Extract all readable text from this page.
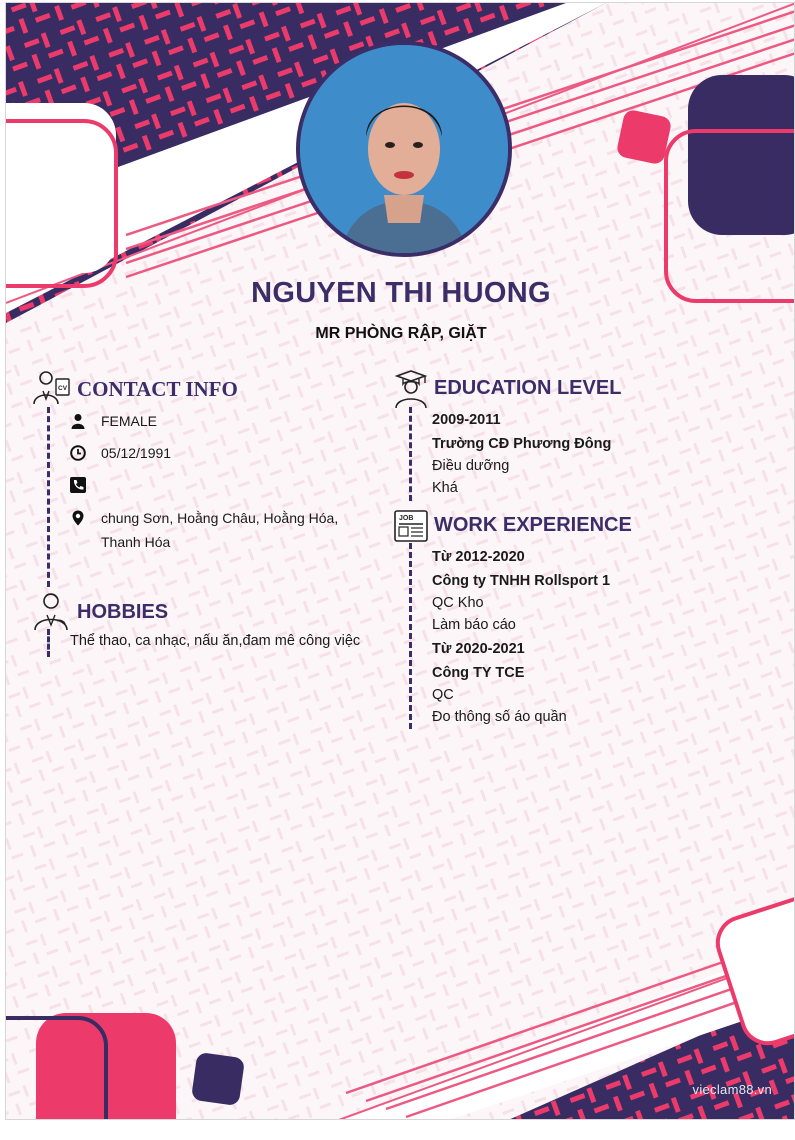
NGUYEN THI HUONG
MR PHÒNG RẬP, GIẶT
CV CONTACT INFO
FEMALE
05/12/1991
chung Sơn, Hoằng Châu, Hoằng Hóa,
Thanh Hóa
HOBBIES
Thể thao, ca nhạc, nấu ăn,đam mê công việc
EDUCATION LEVEL
2009-2011
Trường CĐ Phương Đông
Điều dưỡng
Khá
JOB WORK EXPERIENCE
Từ 2012-2020
Công ty TNHH Rollsport 1
QC Kho
Làm báo cáo
Từ 2020-2021
Công TY TCE
QC
Đo thông số áo quần
vieclam88.vn
